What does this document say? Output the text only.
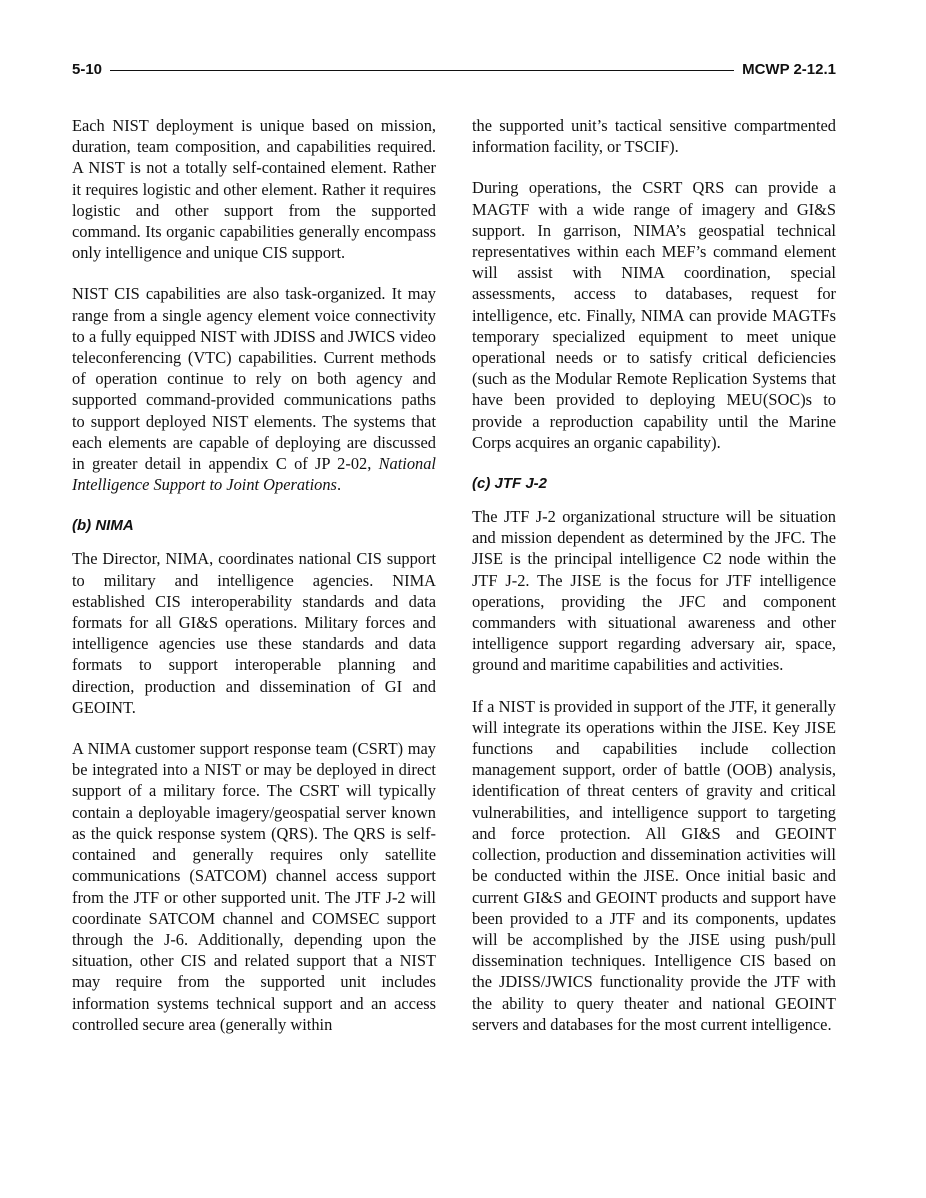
5-10	MCWP 2-12.1

Each NIST deployment is unique based on mission, duration, team composition, and capabilities required. A NIST is not a totally self-contained element. Rather it requires logistic and other element. Rather it requires logistic and other support from the supported command. Its organic capabilities generally encompass only intelligence and unique CIS support.

NIST CIS capabilities are also task-organized. It may range from a single agency element voice connectivity to a fully equipped NIST with JDISS and JWICS video teleconferencing (VTC) capabilities. Current methods of operation continue to rely on both agency and supported command-provided communications paths to support deployed NIST elements. The systems that each elements are capable of deploying are discussed in greater detail in appendix C of JP 2-02, National Intelligence Support to Joint Operations.

(b) NIMA

The Director, NIMA, coordinates national CIS support to military and intelligence agencies. NIMA established CIS interoperability standards and data formats for all GI&S operations. Military forces and intelligence agencies use these standards and data formats to support interoperable planning and direction, production and dissemination of GI and GEOINT.

A NIMA customer support response team (CSRT) may be integrated into a NIST or may be deployed in direct support of a military force. The CSRT will typically contain a deployable imagery/geospatial server known as the quick response system (QRS). The QRS is self-contained and generally requires only satellite communications (SATCOM) channel access support from the JTF or other supported unit. The JTF J-2 will coordinate SATCOM channel and COMSEC support through the J-6. Additionally, depending upon the situation, other CIS and related support that a NIST may require from the supported unit includes information systems technical support and an access controlled secure area (generally within

the supported unit’s tactical sensitive compartmented information facility, or TSCIF).

During operations, the CSRT QRS can provide a MAGTF with a wide range of imagery and GI&S support. In garrison, NIMA’s geospatial technical representatives within each MEF’s command element will assist with NIMA coordination, special assessments, access to databases, request for intelligence, etc. Finally, NIMA can provide MAGTFs temporary specialized equipment to meet unique operational needs or to satisfy critical deficiencies (such as the Modular Remote Replication Systems that have been provided to deploying MEU(SOC)s to provide a reproduction capability until the Marine Corps acquires an organic capability).

(c) JTF J-2

The JTF J-2 organizational structure will be situation and mission dependent as determined by the JFC. The JISE is the principal intelligence C2 node within the JTF J-2. The JISE is the focus for JTF intelligence operations, providing the JFC and component commanders with situational awareness and other intelligence support regarding adversary air, space, ground and maritime capabilities and activities.

If a NIST is provided in support of the JTF, it generally will integrate its operations within the JISE. Key JISE functions and capabilities include collection management support, order of battle (OOB) analysis, identification of threat centers of gravity and critical vulnerabilities, and intelligence support to targeting and force protection. All GI&S and GEOINT collection, production and dissemination activities will be conducted within the JISE. Once initial basic and current GI&S and GEOINT products and support have been provided to a JTF and its components, updates will be accomplished by the JISE using push/pull dissemination techniques. Intelligence CIS based on the JDISS/JWICS functionality provide the JTF with the ability to query theater and national GEOINT servers and databases for the most current intelligence.
